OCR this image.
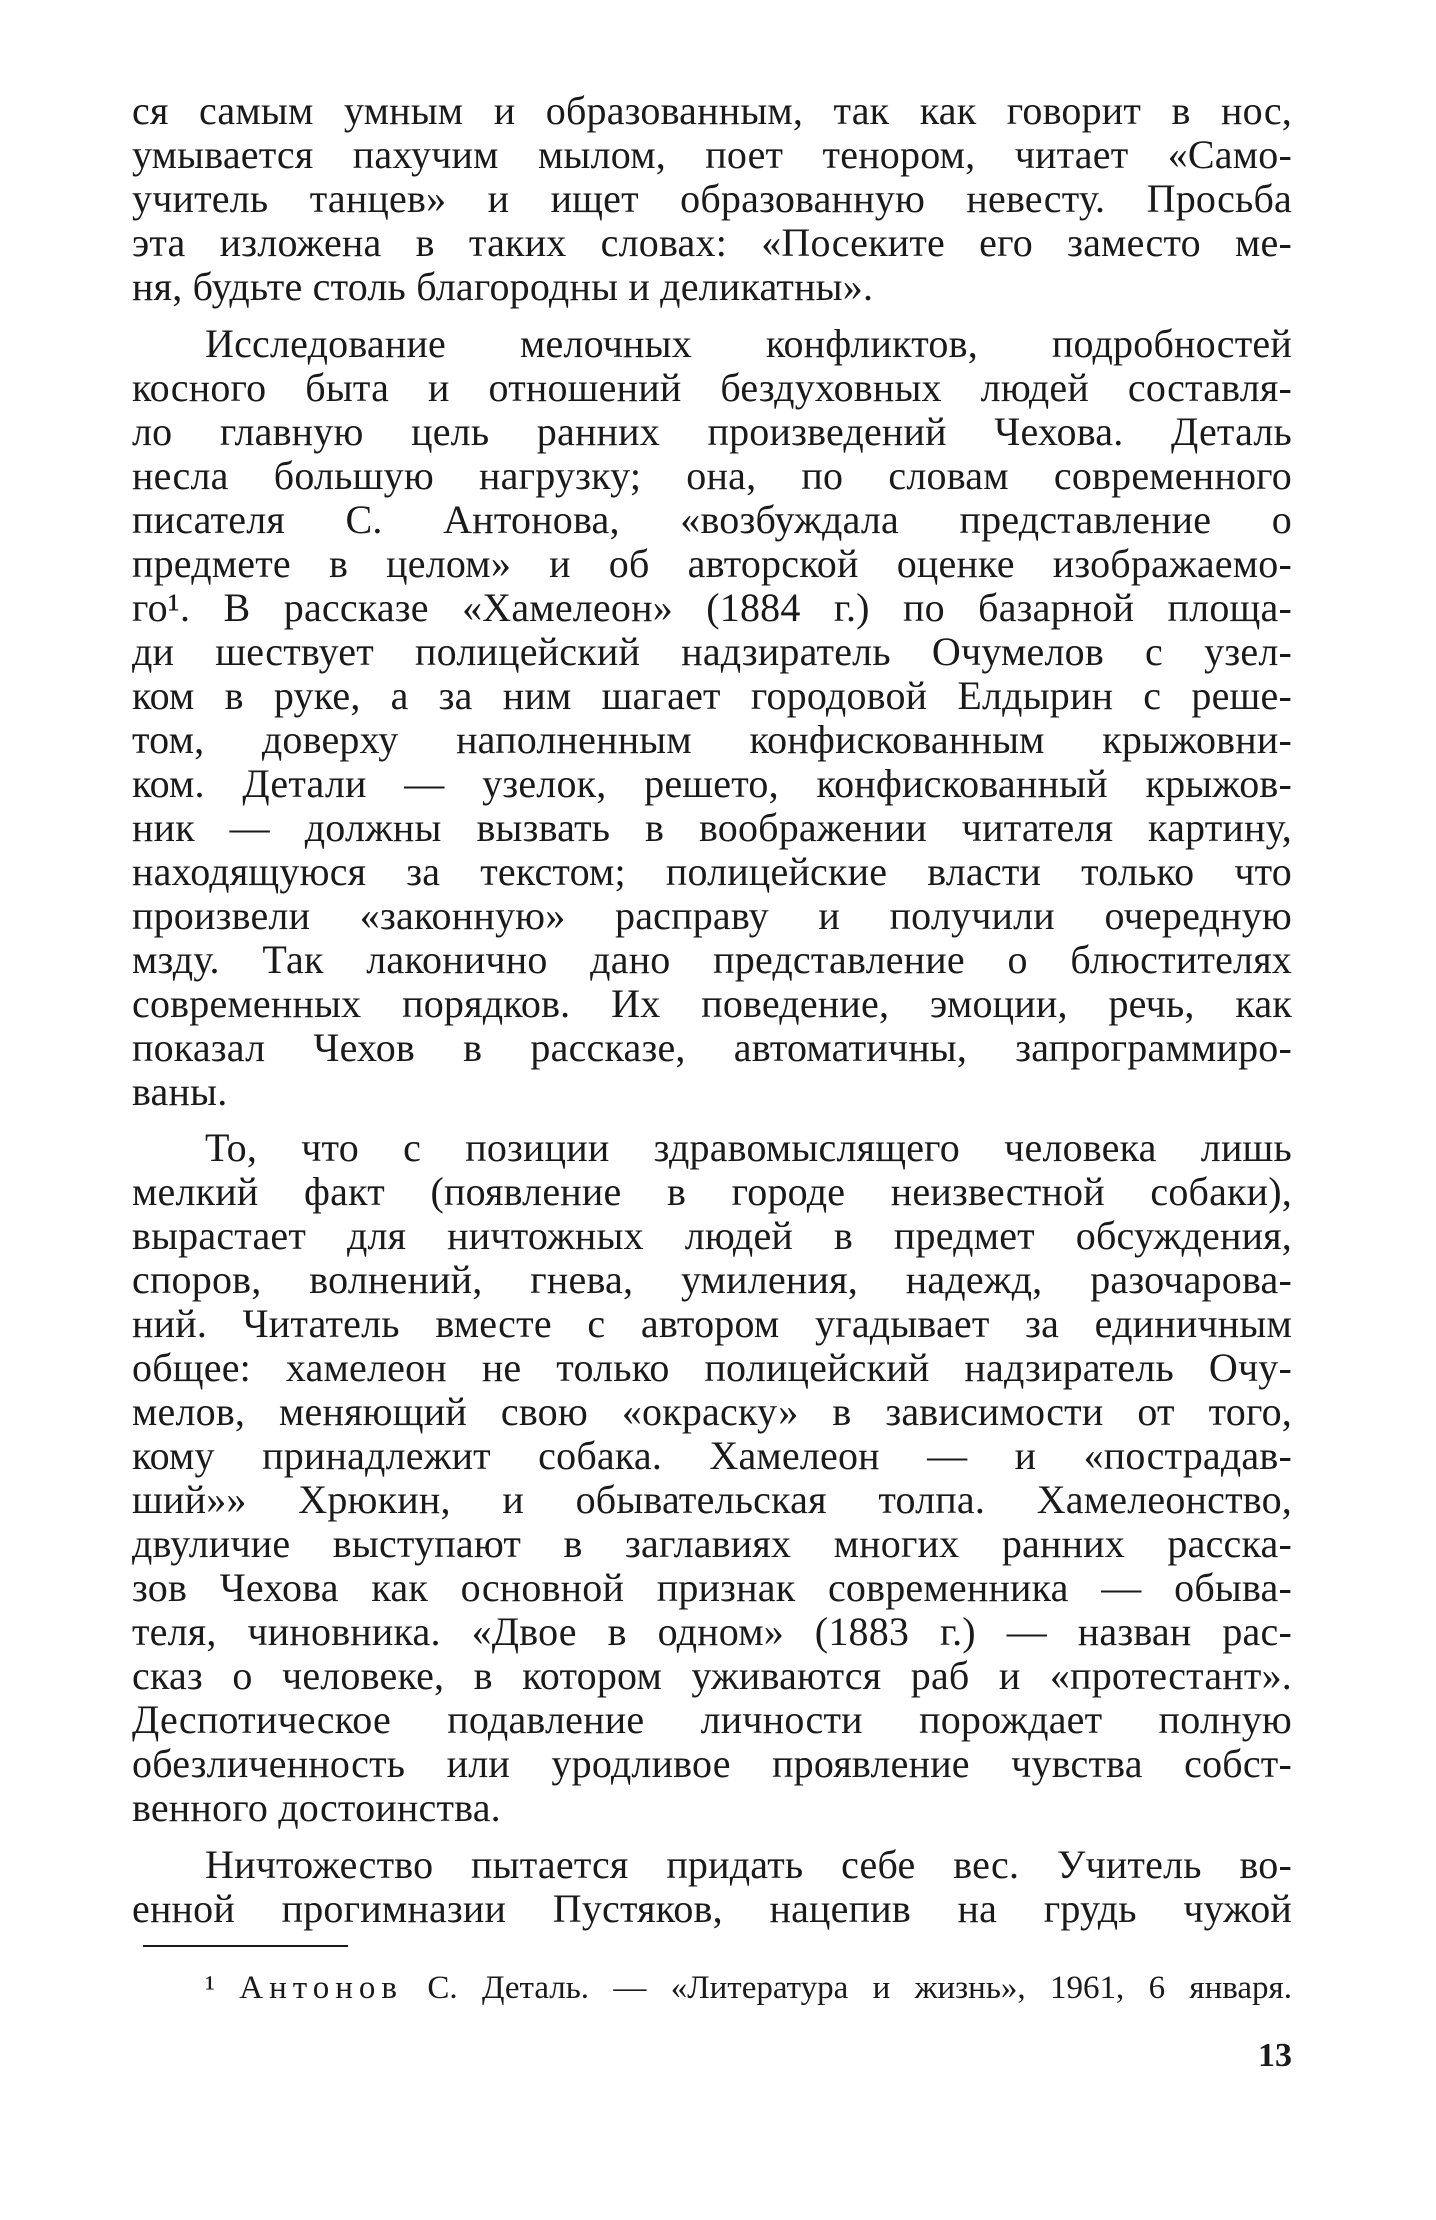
ся самым умным и образованным, так как говорит в нос,
умывается пахучим мылом, поет тенором, читает «Само-
учитель танцев» и ищет образованную невесту. Просьба
эта изложена в таких словах: «Посеките его заместо ме-
ня, будьте столь благородны и деликатны».
Исследование мелочных конфликтов, подробностей
косного быта и отношений бездуховных людей составля-
ло главную цель ранних произведений Чехова. Деталь
несла большую нагрузку; она, по словам современного
писателя С. Антонова, «возбуждала представление о
предмете в целом» и об авторской оценке изображаемо-
го¹. В рассказе «Хамелеон» (1884 г.) по базарной площа-
ди шествует полицейский надзиратель Очумелов с узел-
ком в руке, а за ним шагает городовой Елдырин с реше-
том, доверху наполненным конфискованным крыжовни-
ком. Детали — узелок, решето, конфискованный крыжов-
ник — должны вызвать в воображении читателя картину,
находящуюся за текстом; полицейские власти только что
произвели «законную» расправу и получили очередную
мзду. Так лаконично дано представление о блюстителях
современных порядков. Их поведение, эмоции, речь, как
показал Чехов в рассказе, автоматичны, запрограммиро-
ваны.
То, что с позиции здравомыслящего человека лишь
мелкий факт (появление в городе неизвестной собаки),
вырастает для ничтожных людей в предмет обсуждения,
споров, волнений, гнева, умиления, надежд, разочарова-
ний. Читатель вместе с автором угадывает за единичным
общее: хамелеон не только полицейский надзиратель Очу-
мелов, меняющий свою «окраску» в зависимости от того,
кому принадлежит собака. Хамелеон — и «пострадав-
ший»» Хрюкин, и обывательская толпа. Хамелеонство,
двуличие выступают в заглавиях многих ранних расска-
зов Чехова как основной признак современника — обыва-
теля, чиновника. «Двое в одном» (1883 г.) — назван рас-
сказ о человеке, в котором уживаются раб и «протестант».
Деспотическое подавление личности порождает полную
обезличенность или уродливое проявление чувства собст-
венного достоинства.
Ничтожество пытается придать себе вес. Учитель во-
енной прогимназии Пустяков, нацепив на грудь чужой
¹ Антонов С. Деталь. — «Литература и жизнь», 1961, 6 января.
13
